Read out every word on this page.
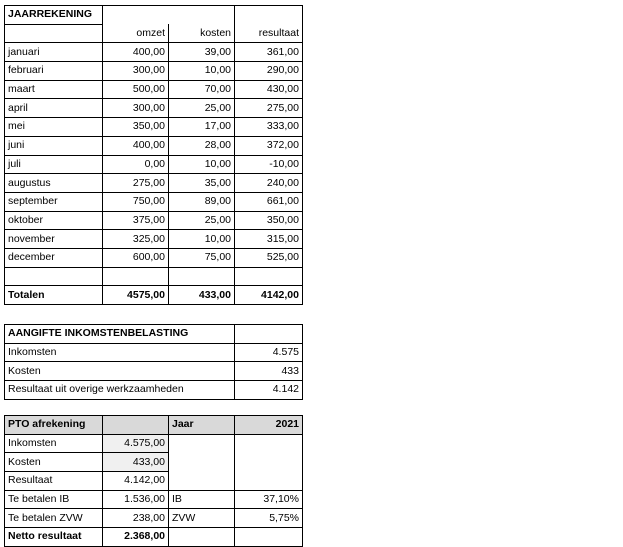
JAARREKENING			
	omzet	kosten	resultaat
januari	400,00	39,00	361,00
februari	300,00	10,00	290,00
maart	500,00	70,00	430,00
april	300,00	25,00	275,00
mei	350,00	17,00	333,00
juni	400,00	28,00	372,00
juli	0,00	10,00	-10,00
augustus	275,00	35,00	240,00
september	750,00	89,00	661,00
oktober	375,00	25,00	350,00
november	325,00	10,00	315,00
december	600,00	75,00	525,00

Totalen	4575,00	433,00	4142,00
AANGIFTE INKOMSTENBELASTING	
Inkomsten	4.575
Kosten	433
Resultaat uit overige werkzaamheden	4.142
PTO afrekening		Jaar	2021
Inkomsten	4.575,00		
Kosten	433,00		
Resultaat	4.142,00		
Te betalen IB	1.536,00	IB	37,10%
Te betalen ZVW	238,00	ZVW	5,75%
Netto resultaat	2.368,00		
